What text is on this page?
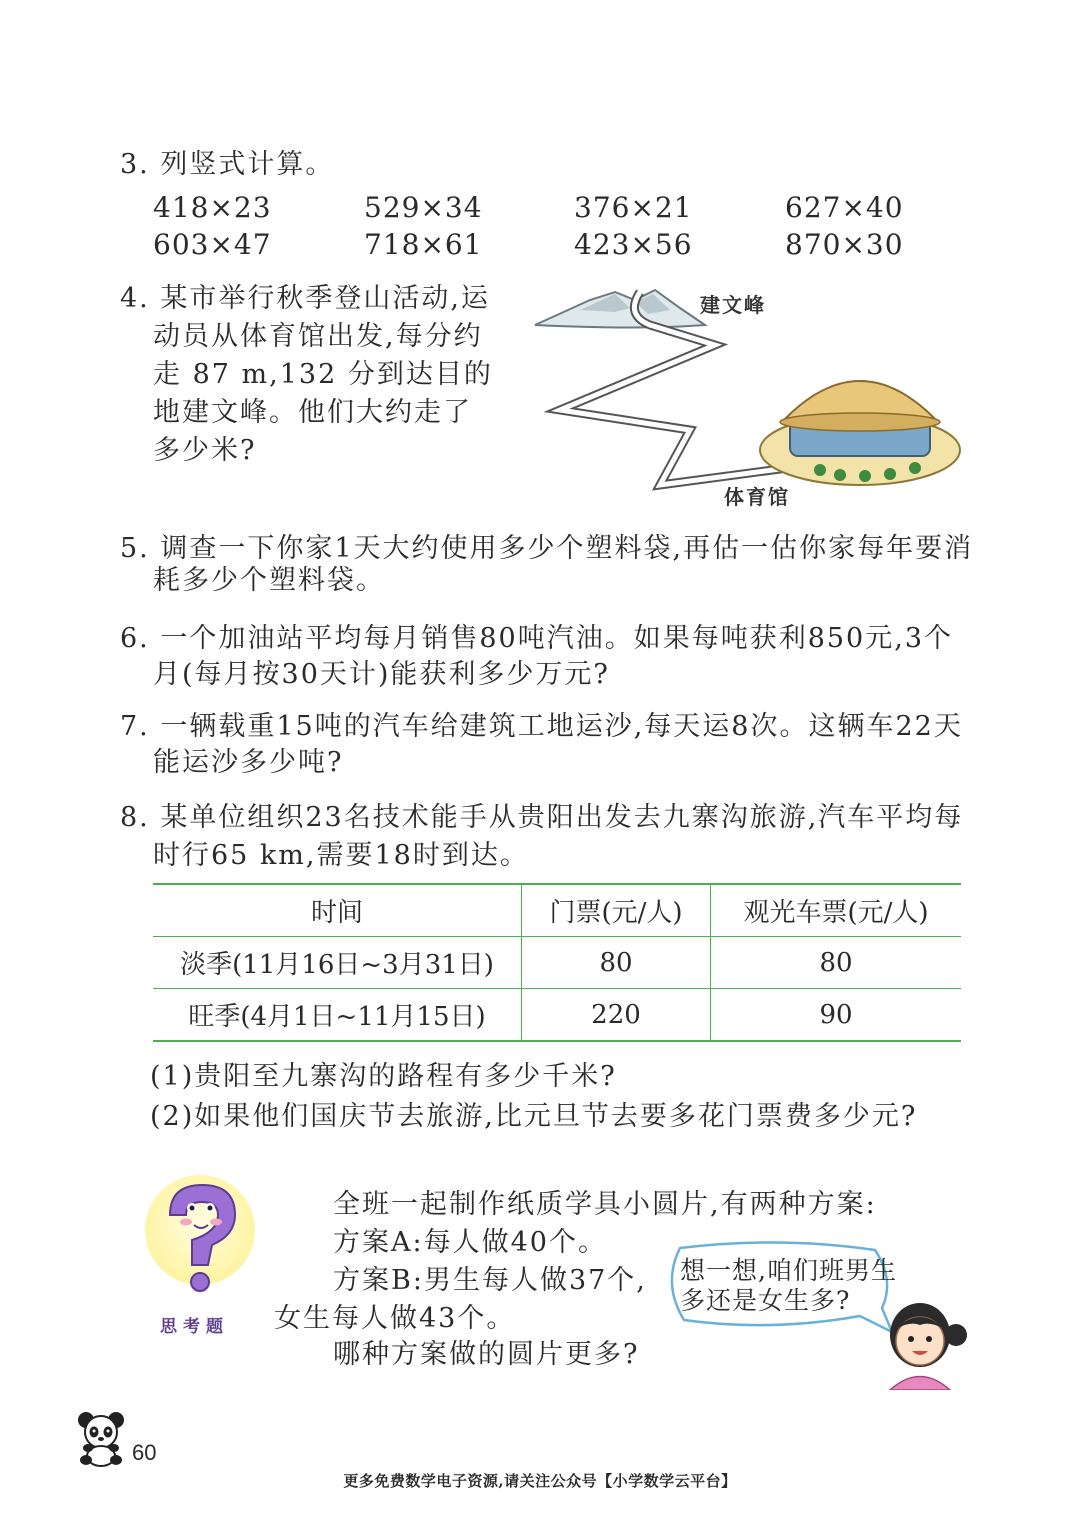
3. 列竖式计算。
418×23	529×34	376×21	627×40
603×47	718×61	423×56	870×30
4. 某市举行秋季登山活动,运
动员从体育馆出发,每分约
走 87 m,132 分到达目的
地建文峰。他们大约走了
多少米?
建文峰
体育馆
5. 调查一下你家1天大约使用多少个塑料袋,再估一估你家每年要消
耗多少个塑料袋。
6. 一个加油站平均每月销售80吨汽油。如果每吨获利850元,3个
月(每月按30天计)能获利多少万元?
7. 一辆载重15吨的汽车给建筑工地运沙,每天运8次。这辆车22天
能运沙多少吨?
8. 某单位组织23名技术能手从贵阳出发去九寨沟旅游,汽车平均每
时行65 km,需要18时到达。
时间	门票(元/人)	观光车票(元/人)
淡季(11月16日~3月31日)	80	80
旺季(4月1日~11月15日)	220	90
(1)贵阳至九寨沟的路程有多少千米?
(2)如果他们国庆节去旅游,比元旦节去要多花门票费多少元?
思考题
全班一起制作纸质学具小圆片,有两种方案:
方案A:每人做40个。
方案B:男生每人做37个,
女生每人做43个。
哪种方案做的圆片更多?
想一想,咱们班男生
多还是女生多?
60
更多免费数学电子资源,请关注公众号【小学数学云平台】
